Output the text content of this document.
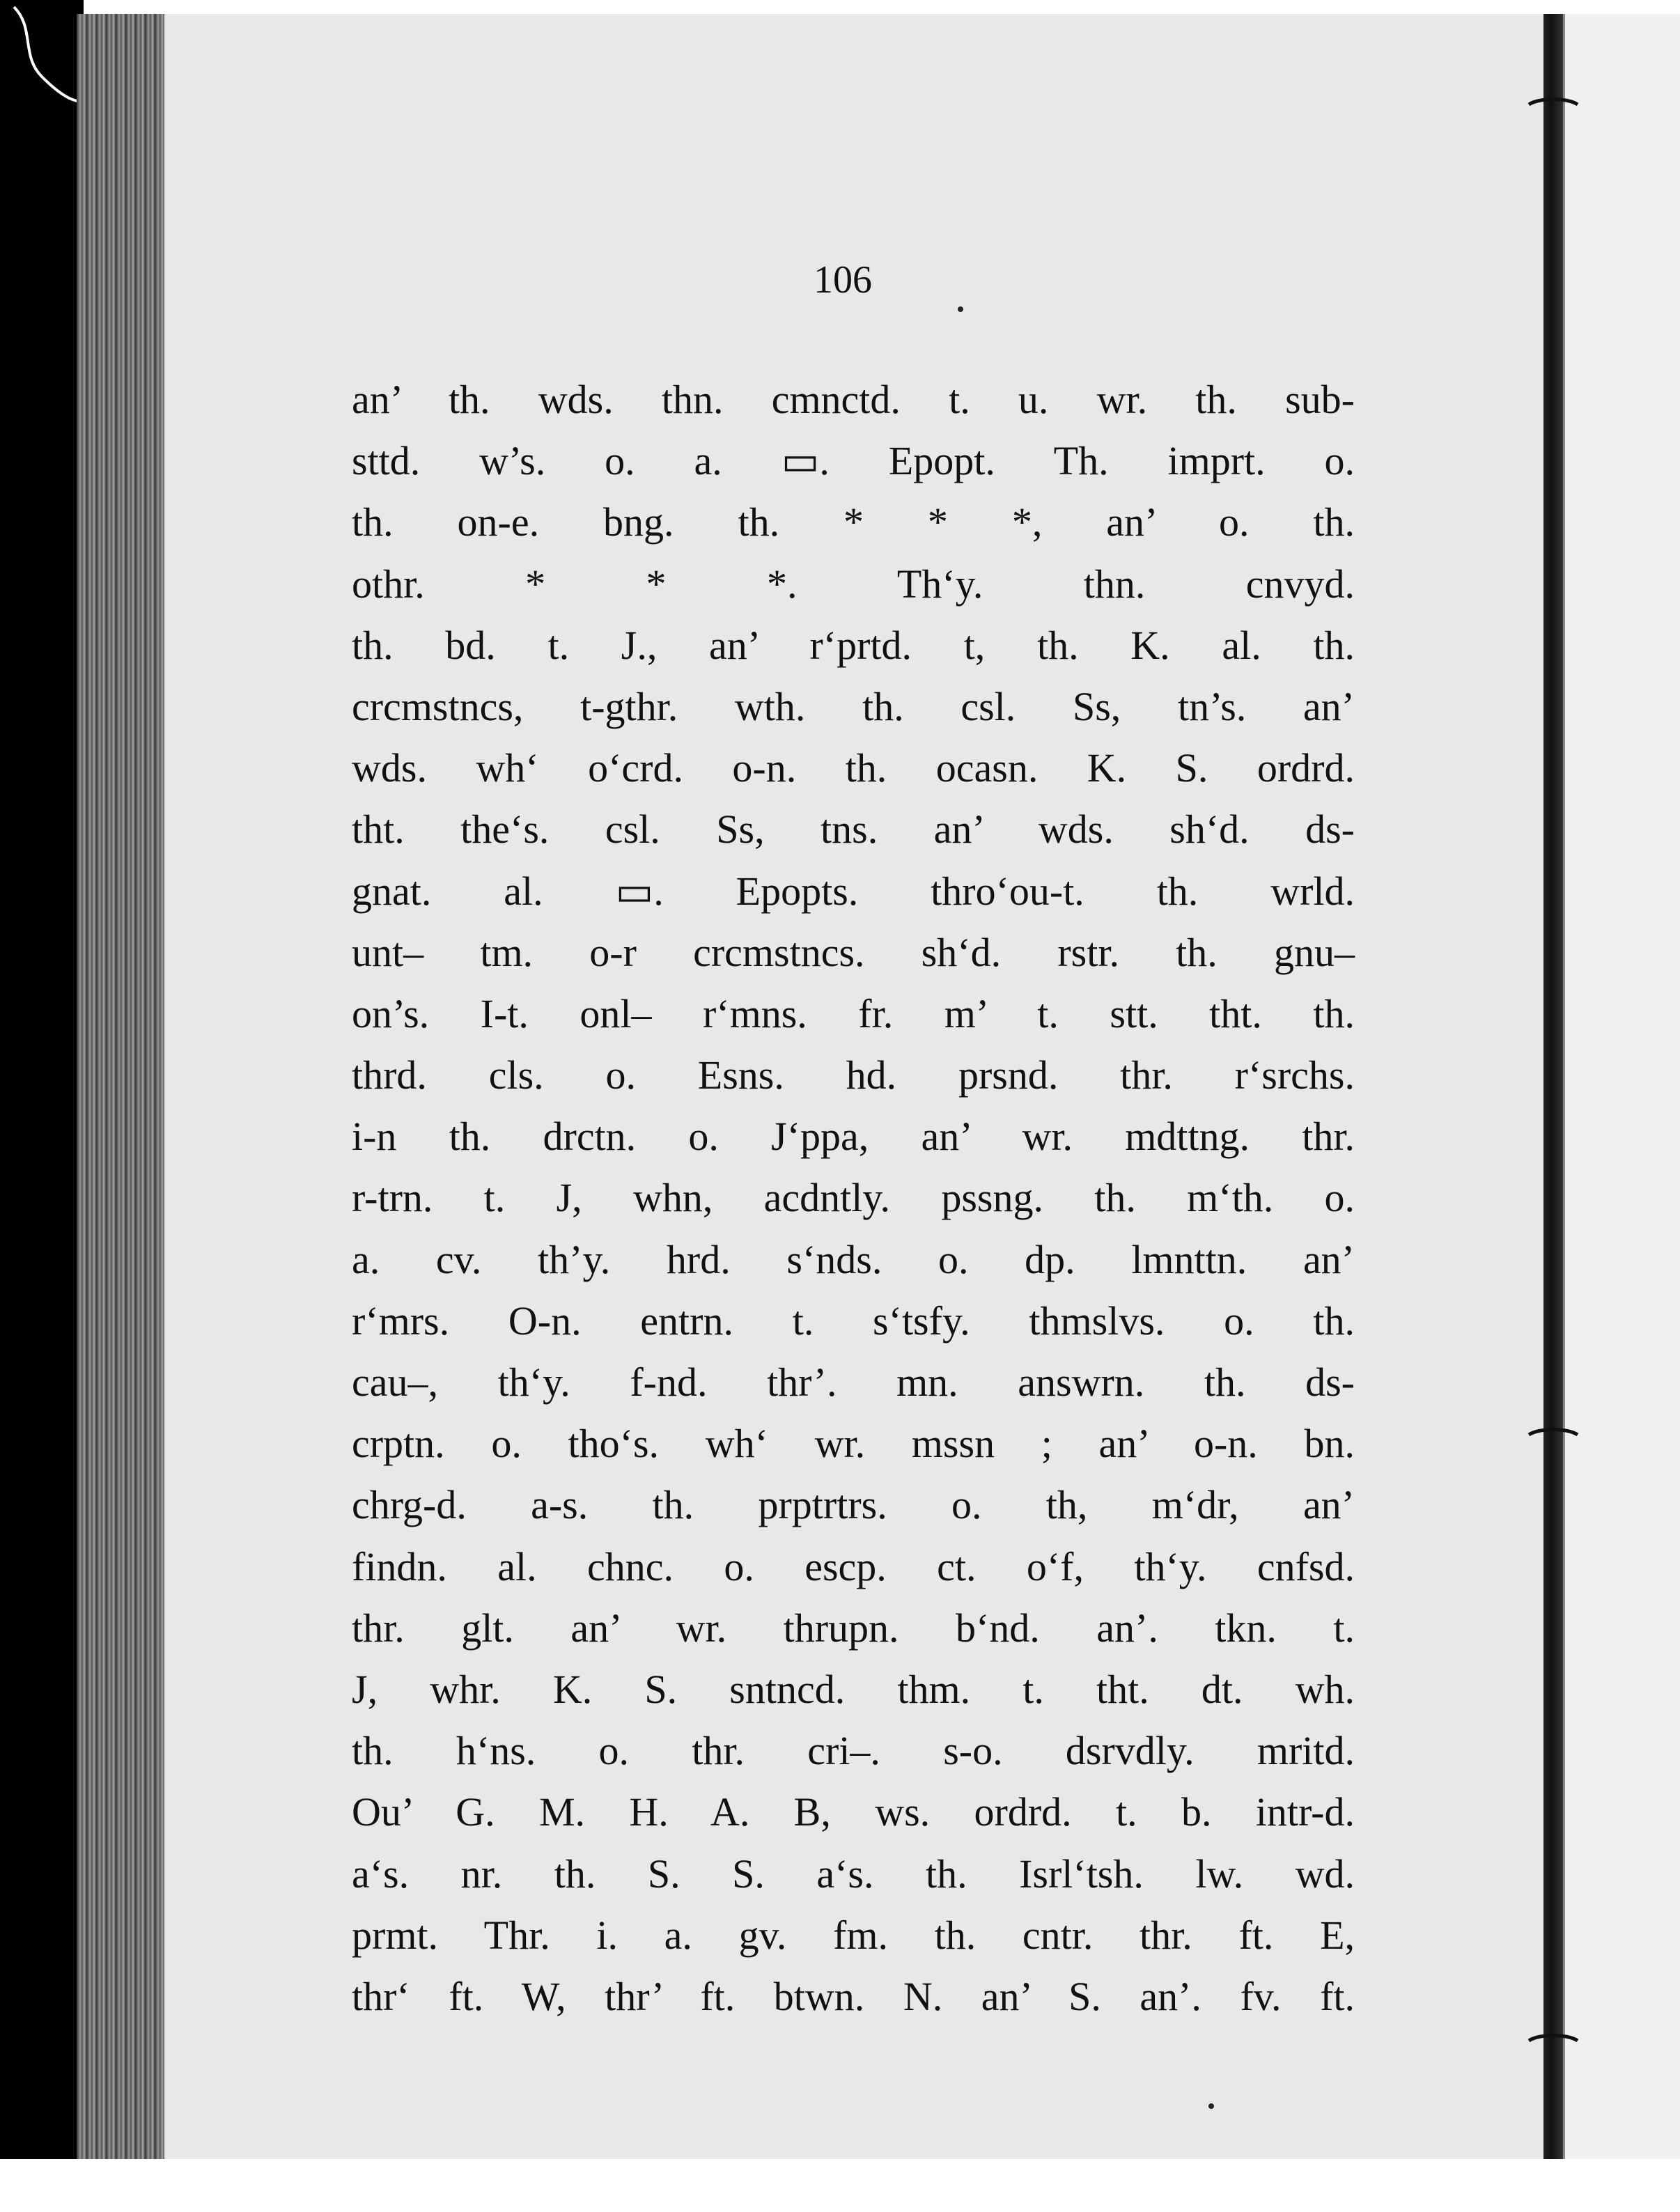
106
an’ th. wds. thn. cmnctd. t. u. wr. th. sub-
sttd. w’s. o. a. ▭. Epopt. Th. imprt. o.
th. on-e. bng. th. * * *, an’ o. th.
othr. * * *. Th‘y. thn. cnvyd.
th. bd. t. J., an’ r‘prtd. t, th. K. al. th.
crcmstncs, t-gthr. wth. th. csl. Ss, tn’s. an’
wds. wh‘ o‘crd. o-n. th. ocasn. K. S. ordrd.
tht. the‘s. csl. Ss, tns. an’ wds. sh‘d. ds-
gnat. al. ▭. Epopts. thro‘ou-t. th. wrld.
unt– tm. o-r crcmstncs. sh‘d. rstr. th. gnu–
on’s. I-t. onl– r‘mns. fr. m’ t. stt. tht. th.
thrd. cls. o. Esns. hd. prsnd. thr. r‘srchs.
i-n th. drctn. o. J‘ppa, an’ wr. mdttng. thr.
r-trn. t. J, whn, acdntly. pssng. th. m‘th. o.
a. cv. th’y. hrd. s‘nds. o. dp. lmnttn. an’
r‘mrs. O-n. entrn. t. s‘tsfy. thmslvs. o. th.
cau–, th‘y. f-nd. thr’. mn. answrn. th. ds-
crptn. o. tho‘s. wh‘ wr. mssn ; an’ o-n. bn.
chrg-d. a-s. th. prptrtrs. o. th, m‘dr, an’
findn. al. chnc. o. escp. ct. o‘f, th‘y. cnfsd.
thr. glt. an’ wr. thrupn. b‘nd. an’. tkn. t.
J, whr. K. S. sntncd. thm. t. tht. dt. wh.
th. h‘ns. o. thr. cri–. s-o. dsrvdly. mritd.
Ou’ G. M. H. A. B, ws. ordrd. t. b. intr-d.
a‘s. nr. th. S. S. a‘s. th. Isrl‘tsh. lw. wd.
prmt. Thr. i. a. gv. fm. th. cntr. thr. ft. E,
thr‘ ft. W, thr’ ft. btwn. N. an’ S. an’. fv. ft.
